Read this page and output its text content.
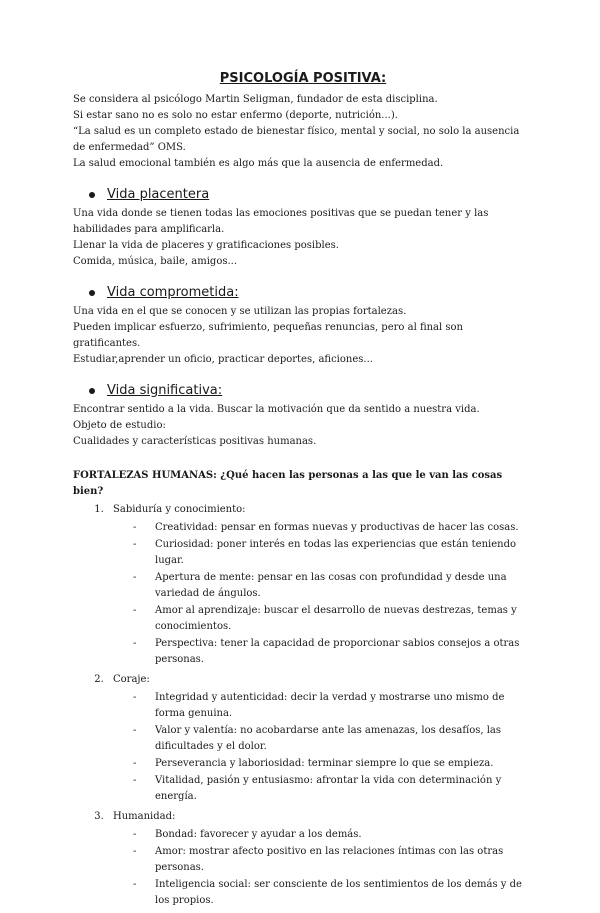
PSICOLOGÍA POSITIVA:

Se considera al psicólogo Martin Seligman, fundador de esta disciplina.

Si estar sano no es solo no estar enfermo (deporte, nutrición...).

“La salud es un completo estado de bienestar físico, mental y social, no solo la ausencia de enfermedad” OMS.

La salud emocional también es algo más que la ausencia de enfermedad.

Vida placentera

Una vida donde se tienen todas las emociones positivas que se puedan tener y las habilidades para amplificarla.

Llenar la vida de placeres y gratificaciones posibles.

Comida, música, baile, amigos...

Vida comprometida:

Una vida en el que se conocen y se utilizan las propias fortalezas.

Pueden implicar esfuerzo, sufrimiento, pequeñas renuncias, pero al final son gratificantes.

Estudiar,aprender un oficio, practicar deportes, aficiones...

Vida significativa:

Encontrar sentido a la vida. Buscar la motivación que da sentido a nuestra vida.

Objeto de estudio:

Cualidades y características positivas humanas.

FORTALEZAS HUMANAS: ¿Qué hacen las personas a las que le van las cosas bien?

1. Sabiduría y conocimiento:
- Creatividad: pensar en formas nuevas y productivas de hacer las cosas.
- Curiosidad: poner interés en todas las experiencias que están teniendo lugar.
- Apertura de mente: pensar en las cosas con profundidad y desde una variedad de ángulos.
- Amor al aprendizaje: buscar el desarrollo de nuevas destrezas, temas y conocimientos.
- Perspectiva: tener la capacidad de proporcionar sabios consejos a otras personas.
2. Coraje:
- Integridad y autenticidad: decir la verdad y mostrarse uno mismo de forma genuina.
- Valor y valentía: no acobardarse ante las amenazas, los desafíos, las dificultades y el dolor.
- Perseverancia y laboriosidad: terminar siempre lo que se empieza.
- Vitalidad, pasión y entusiasmo: afrontar la vida con determinación y energía.
3. Humanidad:
- Bondad: favorecer y ayudar a los demás.
- Amor: mostrar afecto positivo en las relaciones íntimas con las otras personas.
- Inteligencia social: ser consciente de los sentimientos de los demás y de los propios.
